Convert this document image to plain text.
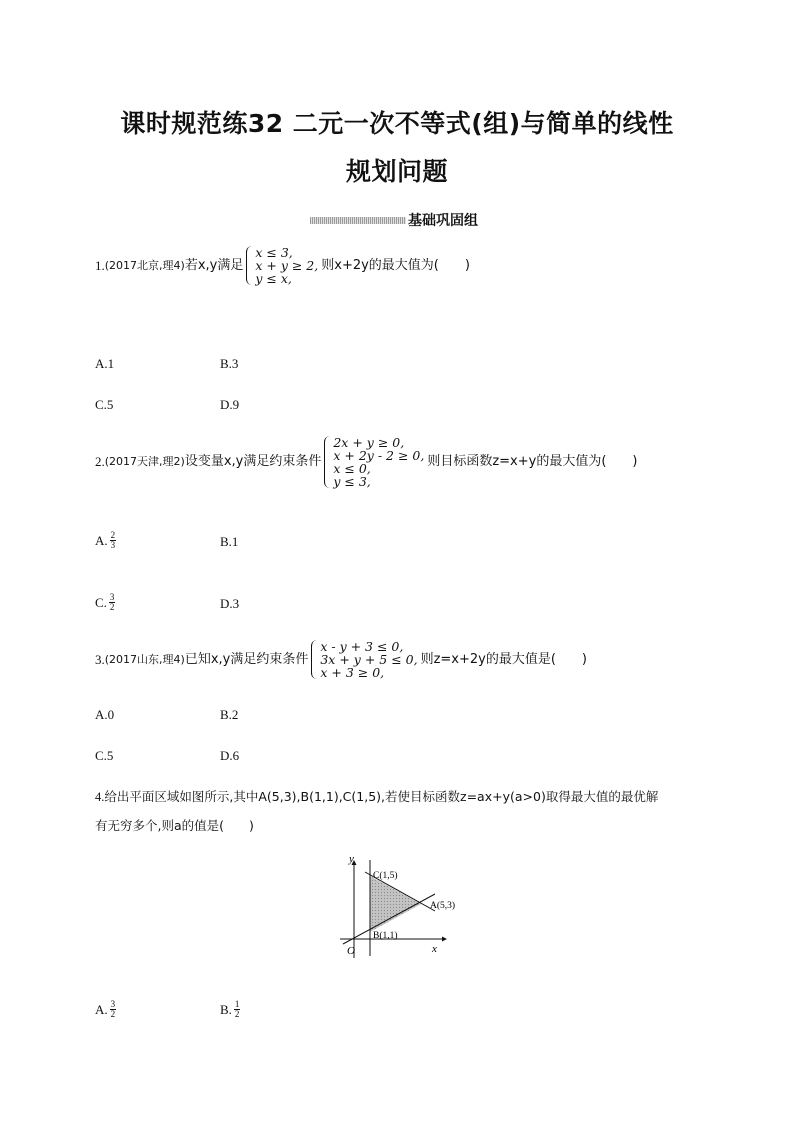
课时规范练32 二元一次不等式(组)与简单的线性
规划问题
基础巩固组
1. (2017北京,理4) 若x,y满足
x ≤ 3,
x + y ≥ 2,
y ≤ x,
则x+2y的最大值为(　　)
A. 1	B. 3
C. 5	D. 9
2. (2017天津,理2) 设变量x,y满足约束条件
2x + y ≥ 0,
x + 2y - 2 ≥ 0,
x ≤ 0,
y ≤ 3,
则目标函数z=x+y的最大值为(　　)
A. $\frac{2}{3}$	B. 1
C. $\frac{3}{2}$	D. 3
3. (2017山东,理4) 已知x,y满足约束条件
x - y + 3 ≤ 0,
3x + y + 5 ≤ 0,
x + 3 ≥ 0,
则z=x+2y的最大值是(　　)
A. 0	B. 2
C. 5	D. 6
4. 给出平面区域如图所示,其中A(5,3),B(1,1),C(1,5),若使目标函数z=ax+y(a>0)取得最大值的最优解
有无穷多个,则a的值是(　　)
y
x
O
C(1,5)
A(5,3)
B(1,1)
A. $\frac{3}{2}$	B. $\frac{1}{2}$
